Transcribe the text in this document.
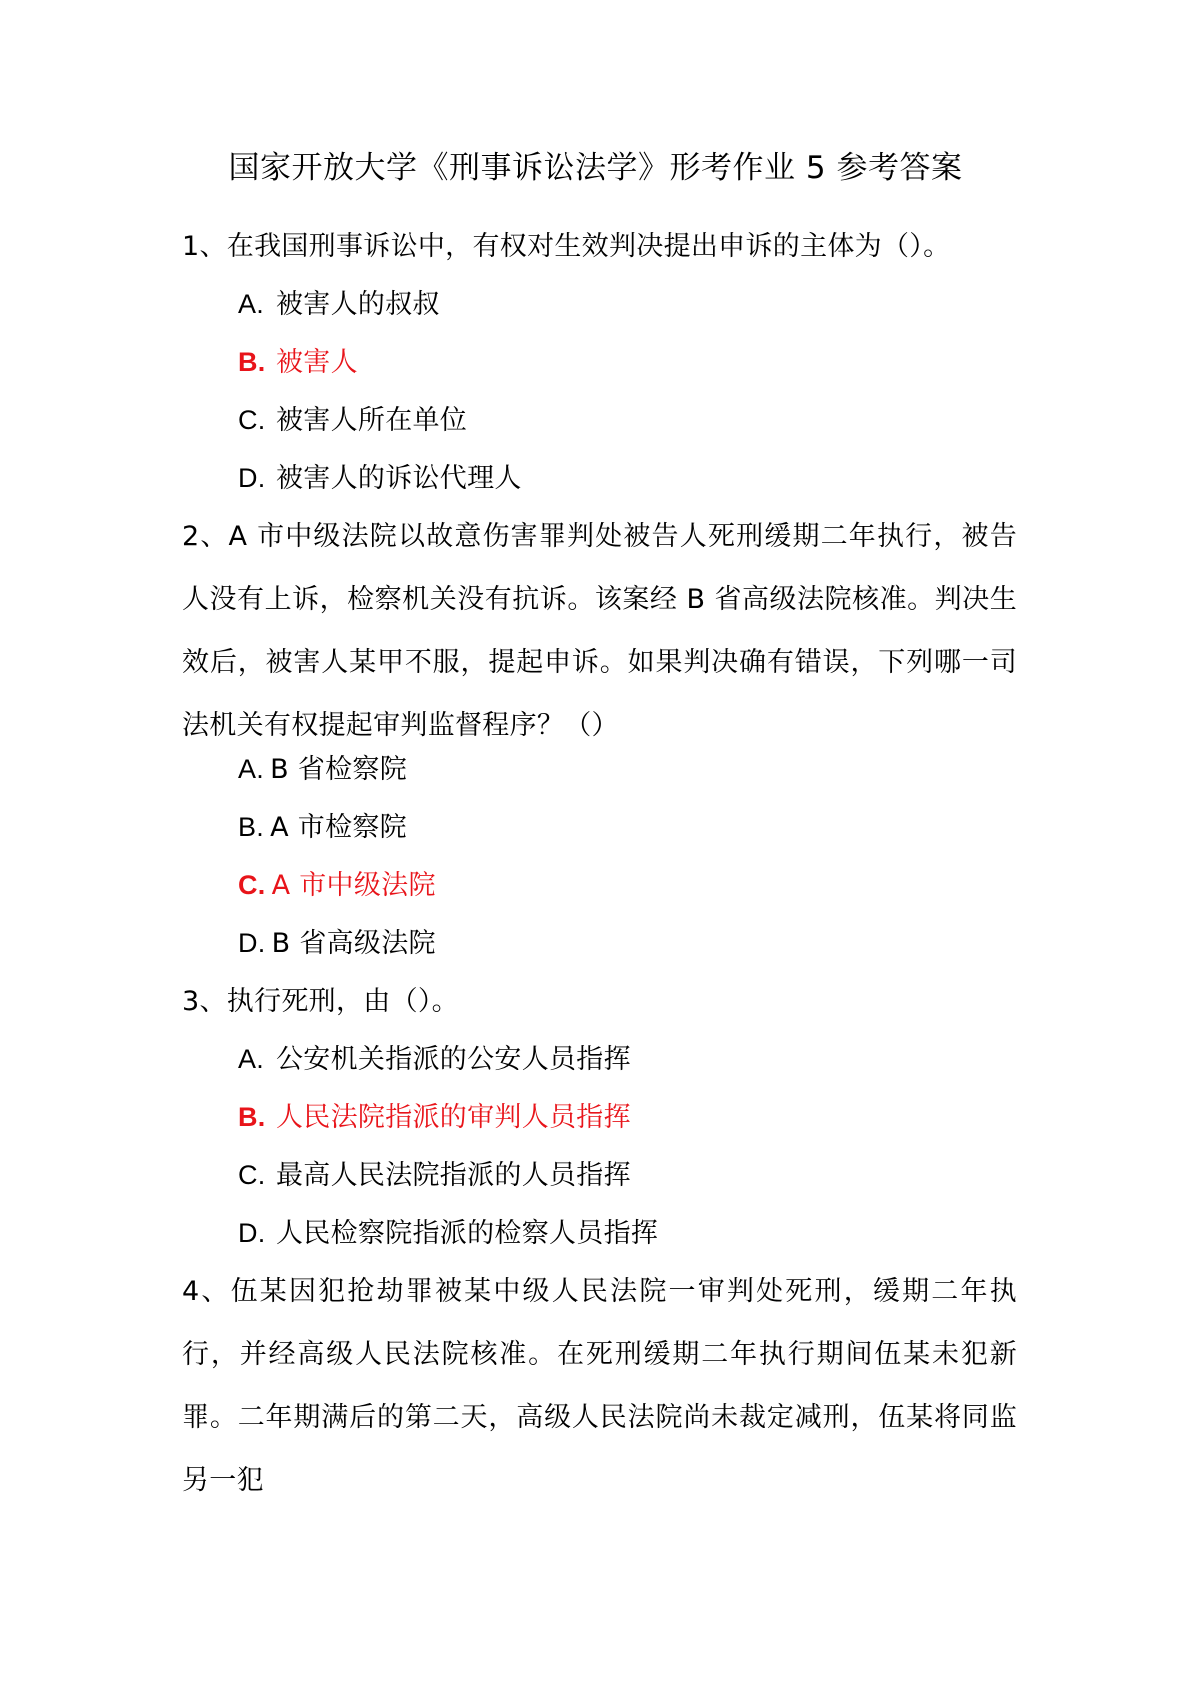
国家开放大学《刑事诉讼法学》形考作业 5 参考答案
1、在我国刑事诉讼中，有权对生效判决提出申诉的主体为（）。
A. 被害人的叔叔
B. 被害人
C. 被害人所在单位
D. 被害人的诉讼代理人
2、A 市中级法院以故意伤害罪判处被告人死刑缓期二年执行，被告人没有上诉，检察机关没有抗诉。该案经 B 省高级法院核准。判决生效后，被害人某甲不服，提起申诉。如果判决确有错误，下列哪一司法机关有权提起审判监督程序？（）
A. B 省检察院
B. A 市检察院
C. A 市中级法院
D. B 省高级法院
3、执行死刑，由（）。
A. 公安机关指派的公安人员指挥
B. 人民法院指派的审判人员指挥
C. 最高人民法院指派的人员指挥
D. 人民检察院指派的检察人员指挥
4、伍某因犯抢劫罪被某中级人民法院一审判处死刑，缓期二年执行，并经高级人民法院核准。在死刑缓期二年执行期间伍某未犯新罪。二年期满后的第二天，高级人民法院尚未裁定减刑，伍某将同监另一犯
